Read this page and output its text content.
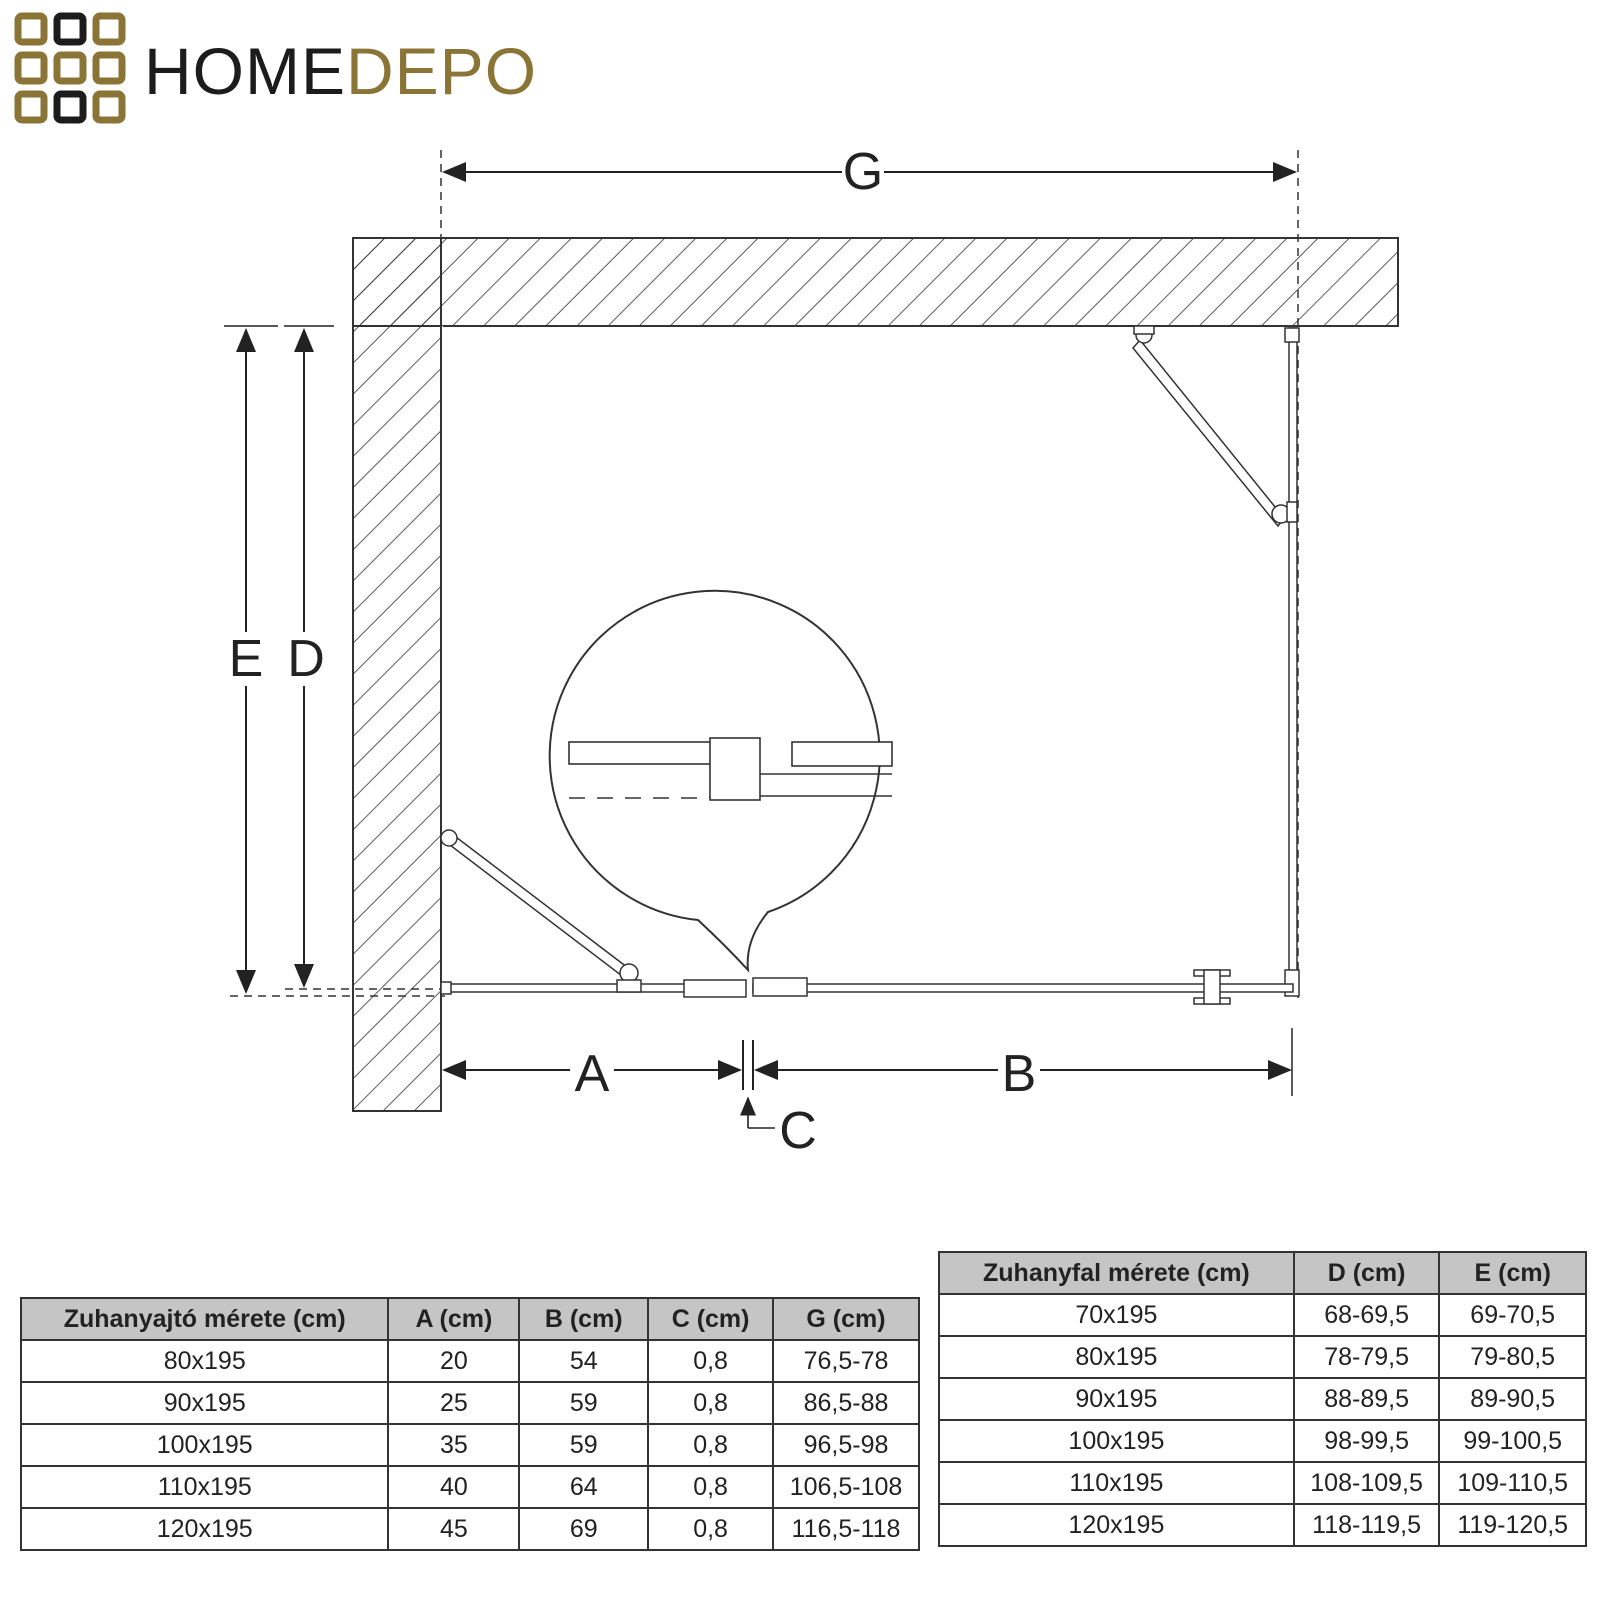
HOMEDEPO
G
E D
A
C
B
Zuhanyajtó mérete (cm)	A (cm)	B (cm)	C (cm)	G (cm)
80x195	20	54	0,8	76,5-78
90x195	25	59	0,8	86,5-88
100x195	35	59	0,8	96,5-98
110x195	40	64	0,8	106,5-108
120x195	45	69	0,8	116,5-118
Zuhanyfal mérete (cm)	D (cm)	E (cm)
70x195	68-69,5	69-70,5
80x195	78-79,5	79-80,5
90x195	88-89,5	89-90,5
100x195	98-99,5	99-100,5
110x195	108-109,5	109-110,5
120x195	118-119,5	119-120,5
